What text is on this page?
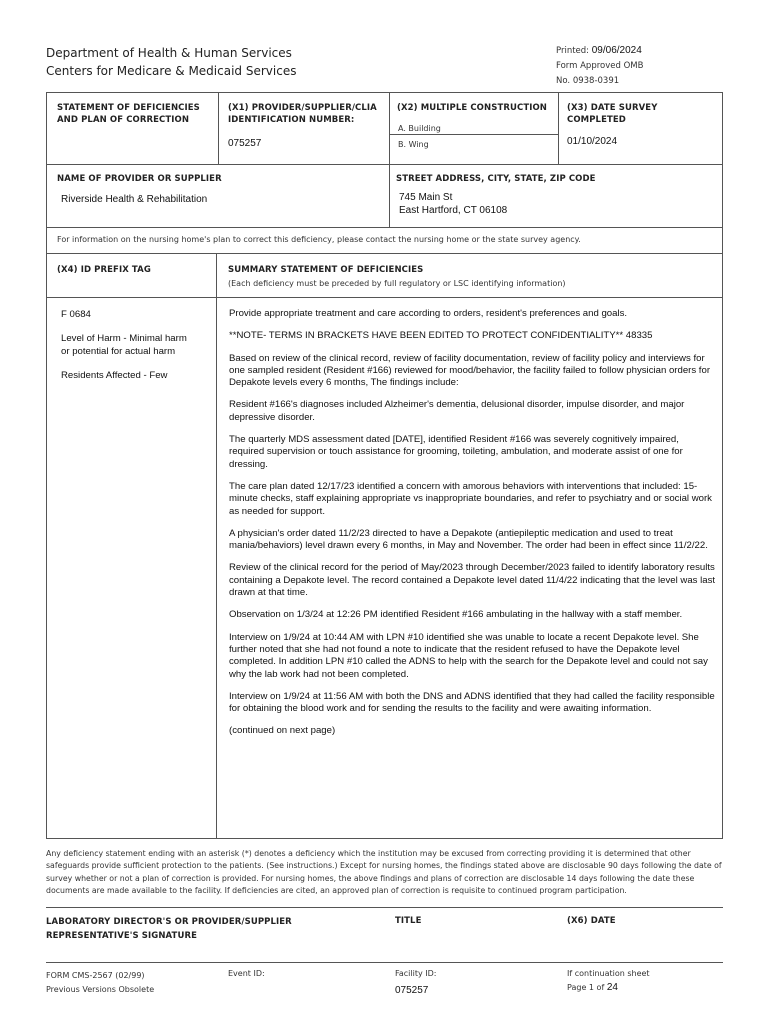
Department of Health & Human Services
Centers for Medicare & Medicaid Services
Printed: 09/06/2024
Form Approved OMB
No. 0938-0391
STATEMENT OF DEFICIENCIES AND PLAN OF CORRECTION
(X1) PROVIDER/SUPPLIER/CLIA IDENTIFICATION NUMBER:
075257
(X2) MULTIPLE CONSTRUCTION
A. Building
B. Wing
(X3) DATE SURVEY COMPLETED
01/10/2024
NAME OF PROVIDER OR SUPPLIER
Riverside Health & Rehabilitation
STREET ADDRESS, CITY, STATE, ZIP CODE
745 Main St
East Hartford, CT 06108
For information on the nursing home's plan to correct this deficiency, please contact the nursing home or the state survey agency.
(X4) ID PREFIX TAG	SUMMARY STATEMENT OF DEFICIENCIES
(Each deficiency must be preceded by full regulatory or LSC identifying information)
F 0684
Level of Harm - Minimal harm
or potential for actual harm
Residents Affected - Few

Provide appropriate treatment and care according to orders, resident's preferences and goals.

**NOTE- TERMS IN BRACKETS HAVE BEEN EDITED TO PROTECT CONFIDENTIALITY** 48335

Based on review of the clinical record, review of facility documentation, review of facility policy and interviews for one sampled resident (Resident #166) reviewed for mood/behavior, the facility failed to follow physician orders for Depakote levels every 6 months, The findings include:

Resident #166's diagnoses included Alzheimer's dementia, delusional disorder, impulse disorder, and major depressive disorder.

The quarterly MDS assessment dated [DATE], identified Resident #166 was severely cognitively impaired, required supervision or touch assistance for grooming, toileting, ambulation, and moderate assist of one for dressing.

The care plan dated 12/17/23 identified a concern with amorous behaviors with interventions that included: 15-minute checks, staff explaining appropriate vs inappropriate boundaries, and refer to psychiatry and or social work as needed for support.

A physician's order dated 11/2/23 directed to have a Depakote (antiepileptic medication and used to treat mania/behaviors) level drawn every 6 months, in May and November. The order had been in effect since 11/2/22.

Review of the clinical record for the period of May/2023 through December/2023 failed to identify laboratory results containing a Depakote level. The record contained a Depakote level dated 11/4/22 indicating that the level was last drawn at that time.

Observation on 1/3/24 at 12:26 PM identified Resident #166 ambulating in the hallway with a staff member.

Interview on 1/9/24 at 10:44 AM with LPN #10 identified she was unable to locate a recent Depakote level. She further noted that she had not found a note to indicate that the resident refused to have the Depakote level completed. In addition LPN #10 called the ADNS to help with the search for the Depakote level and could not say why the lab work had not been completed.

Interview on 1/9/24 at 11:56 AM with both the DNS and ADNS identified that they had called the facility responsible for obtaining the blood work and for sending the results to the facility and were awaiting information.

(continued on next page)

Any deficiency statement ending with an asterisk (*) denotes a deficiency which the institution may be excused from correcting providing it is determined that other safeguards provide sufficient protection to the patients. (See instructions.) Except for nursing homes, the findings stated above are disclosable 90 days following the date of survey whether or not a plan of correction is provided. For nursing homes, the above findings and plans of correction are disclosable 14 days following the date these documents are made available to the facility. If deficiencies are cited, an approved plan of correction is requisite to continued program participation.
LABORATORY DIRECTOR'S OR PROVIDER/SUPPLIER REPRESENTATIVE'S SIGNATURE
TITLE	(X6) DATE
FORM CMS-2567 (02/99)
Previous Versions Obsolete
Event ID:	Facility ID:
075257
If continuation sheet
Page 1 of 24
